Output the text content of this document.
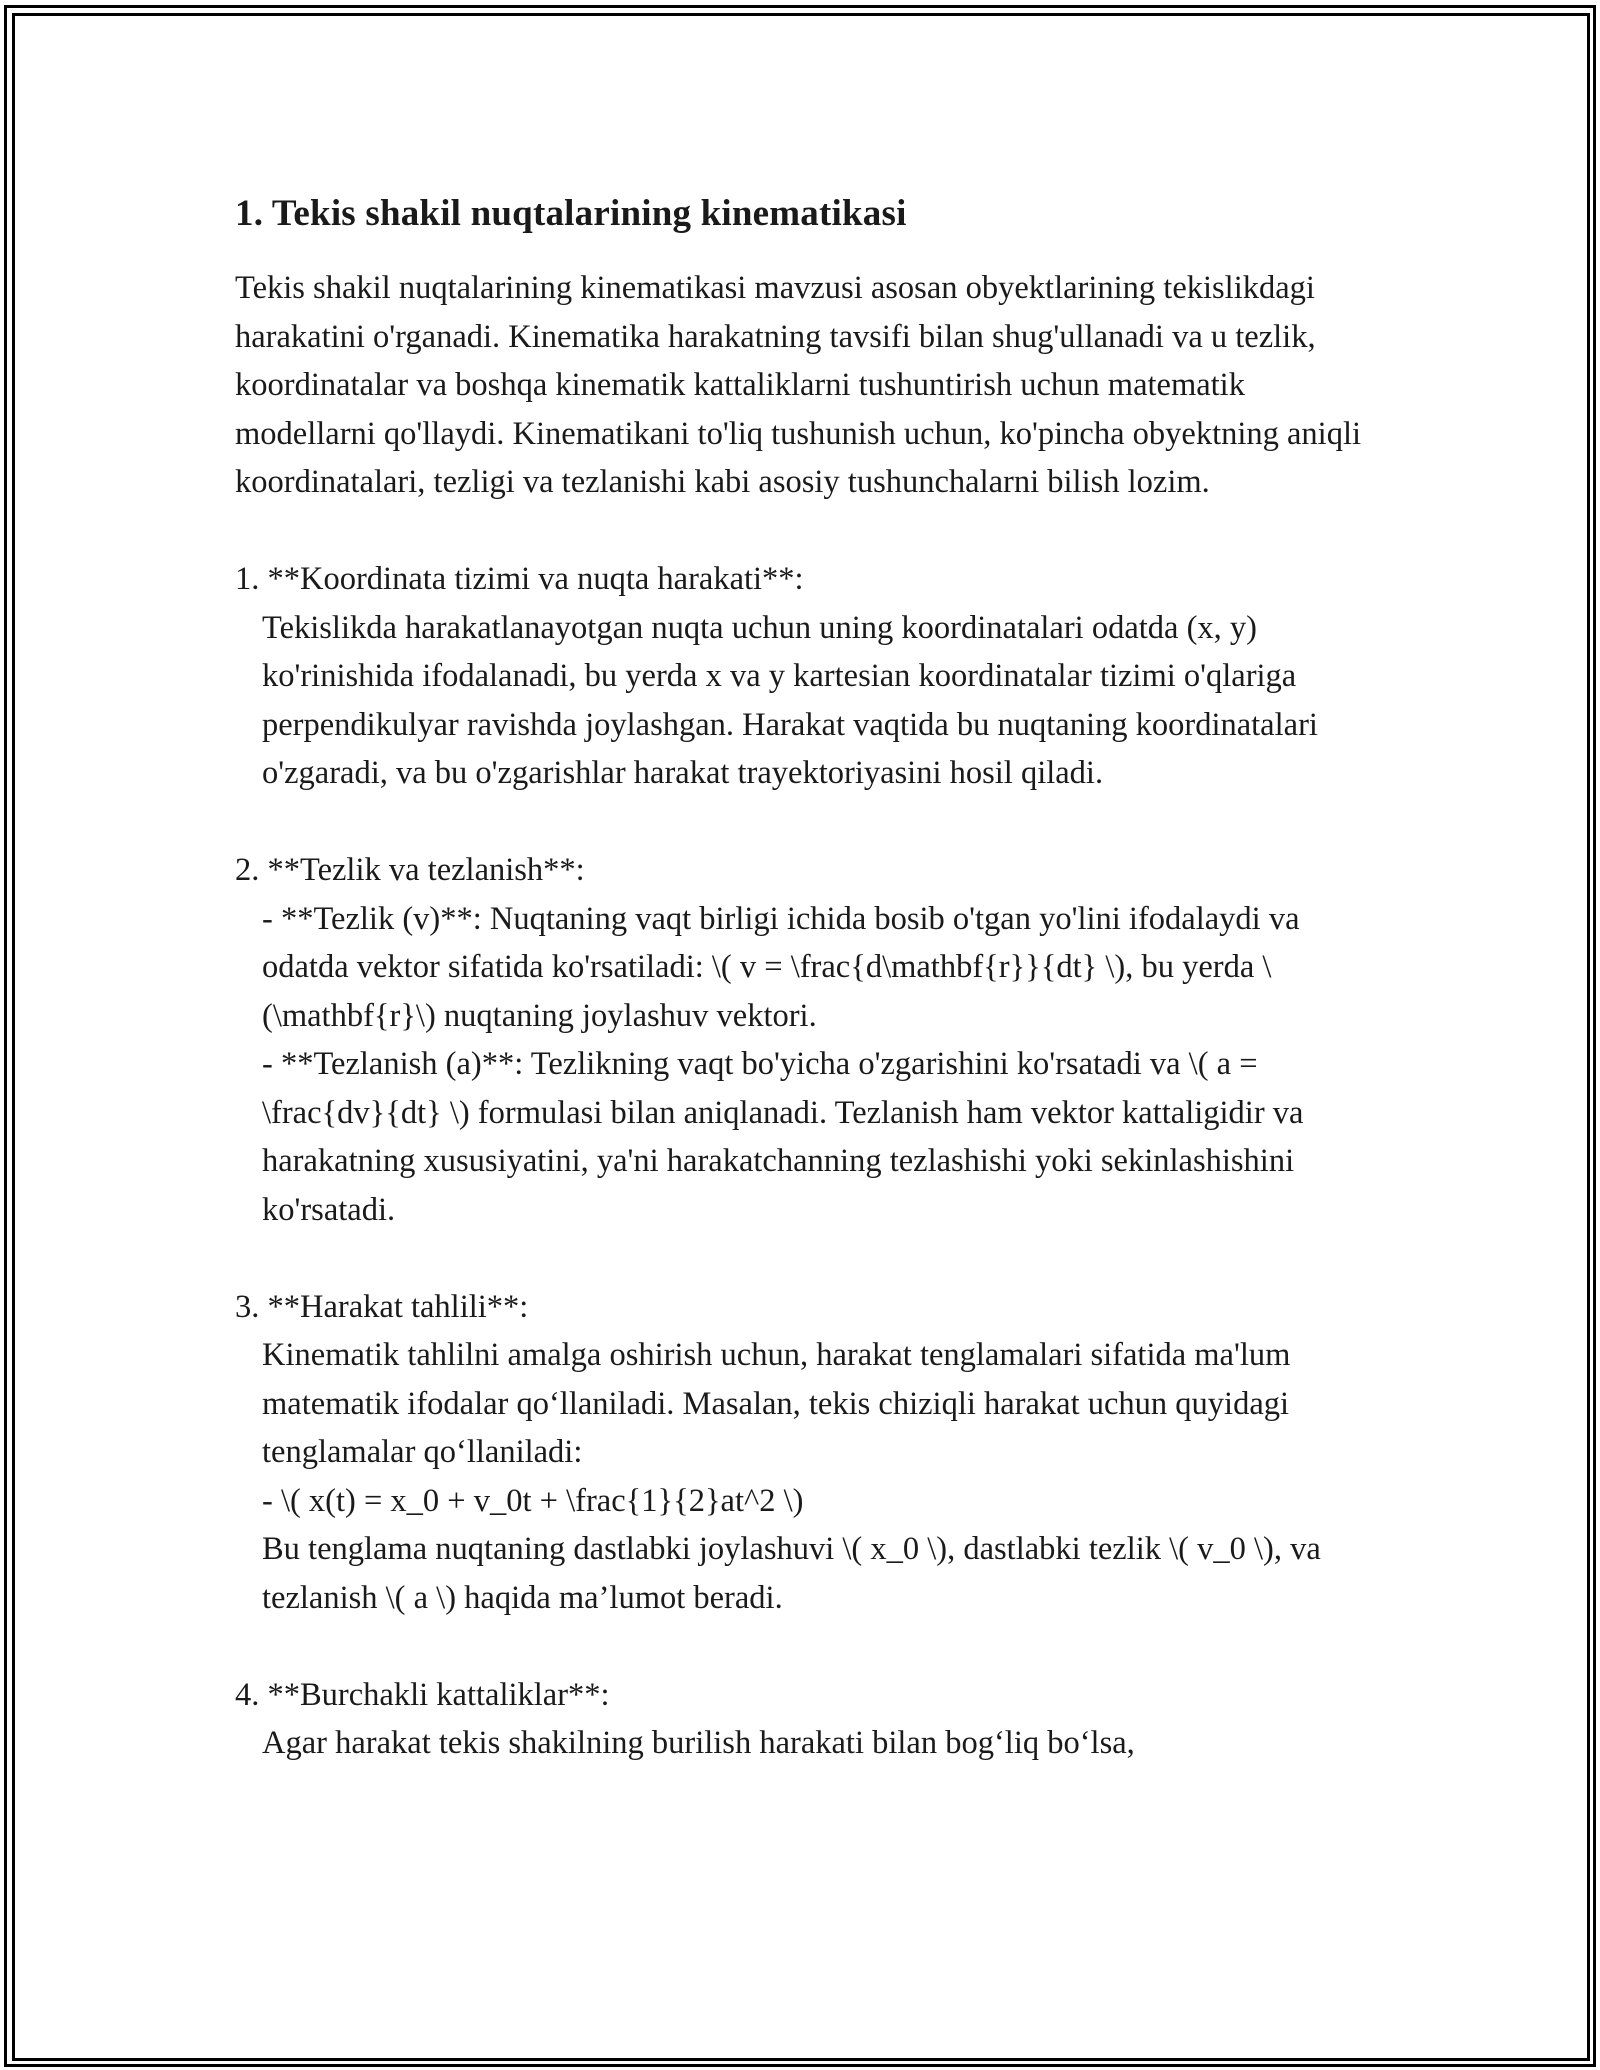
1. Tekis shakil nuqtalarining kinematikasi

Tekis shakil nuqtalarining kinematikasi mavzusi asosan obyektlarining tekislikdagi harakatini o'rganadi. Kinematika harakatning tavsifi bilan shug'ullanadi va u tezlik, koordinatalar va boshqa kinematik kattaliklarni tushuntirish uchun matematik modellarni qo'llaydi. Kinematikani to'liq tushunish uchun, ko'pincha obyektning aniqli koordinatalari, tezligi va tezlanishi kabi asosiy tushunchalarni bilish lozim.

1. **Koordinata tizimi va nuqta harakati**:

Tekislikda harakatlanayotgan nuqta uchun uning koordinatalari odatda (x, y) ko'rinishida ifodalanadi, bu yerda x va y kartesian koordinatalar tizimi o'qlariga perpendikulyar ravishda joylashgan. Harakat vaqtida bu nuqtaning koordinatalari o'zgaradi, va bu o'zgarishlar harakat trayektoriyasini hosil qiladi.

2. **Tezlik va tezlanish**:

- **Tezlik (v)**: Nuqtaning vaqt birligi ichida bosib o'tgan yo'lini ifodalaydi va odatda vektor sifatida ko'rsatiladi: \( v = \frac{d\mathbf{r}}{dt} \), bu yerda \(\mathbf{r}\) nuqtaning joylashuv vektori.

- **Tezlanish (a)**: Tezlikning vaqt bo'yicha o'zgarishini ko'rsatadi va \( a = \frac{dv}{dt} \) formulasi bilan aniqlanadi. Tezlanish ham vektor kattaligidir va harakatning xususiyatini, ya'ni harakatchanning tezlashishi yoki sekinlashishini ko'rsatadi.

3. **Harakat tahlili**:

Kinematik tahlilni amalga oshirish uchun, harakat tenglamalari sifatida ma'lum matematik ifodalar qo‘llaniladi. Masalan, tekis chiziqli harakat uchun quyidagi tenglamalar qo‘llaniladi:

- \( x(t) = x_0 + v_0t + \frac{1}{2}at^2 \)

Bu tenglama nuqtaning dastlabki joylashuvi \( x_0 \), dastlabki tezlik \( v_0 \), va tezlanish \( a \) haqida ma’lumot beradi.

4. **Burchakli kattaliklar**:

Agar harakat tekis shakilning burilish harakati bilan bog‘liq bo‘lsa,
